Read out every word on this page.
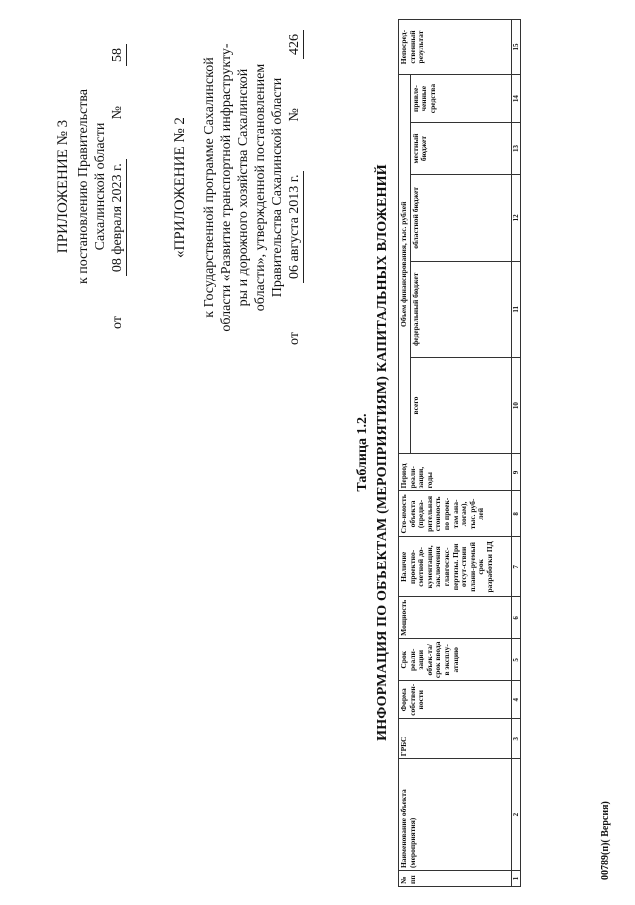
ПРИЛОЖЕНИЕ № 3 к постановлению Правительства Сахалинской области
от
08 февраля 2023 г.
№
58
«ПРИЛОЖЕНИЕ № 2 к Государственной программе Сахалинской области «Развитие транспортной инфраструкту- ры и дорожного хозяйства Сахалинской области», утвержденной постановлением Правительства Сахалинской области
от
06 августа 2013 г.
№
426
Таблица 1.2. ИНФОРМАЦИЯ ПО ОБЪЕКТАМ (МЕРОПРИЯТИЯМ) КАПИТАЛЬНЫХ ВЛОЖЕНИЙ
№ пп	Наименование объекта (мероприятия)	ГРБС	Форма собствен-ности	Срок реали-зации объек-та/срок ввода в эксплу-атацию	Мощность	Наличие проектно-сметной до-кументации, заключения главгосэкс-пертизы. При отсут-ствии плани-руемый срок разработки ПД	Сто-имость объекта (предва-рительная стоимость по проек-там ана-логам), тыс. руб-лей	Период реали-зации, годы	Объем финансирования, тыс. рублей					Непосред-ственный результат
									всего	федеральный бюджет	областной бюджет	местный бюджет	привле-ченные средства	
1	2	3	4	5	6	7	8	9	10	11	12	13	14	15
00789(п)( Версия)
